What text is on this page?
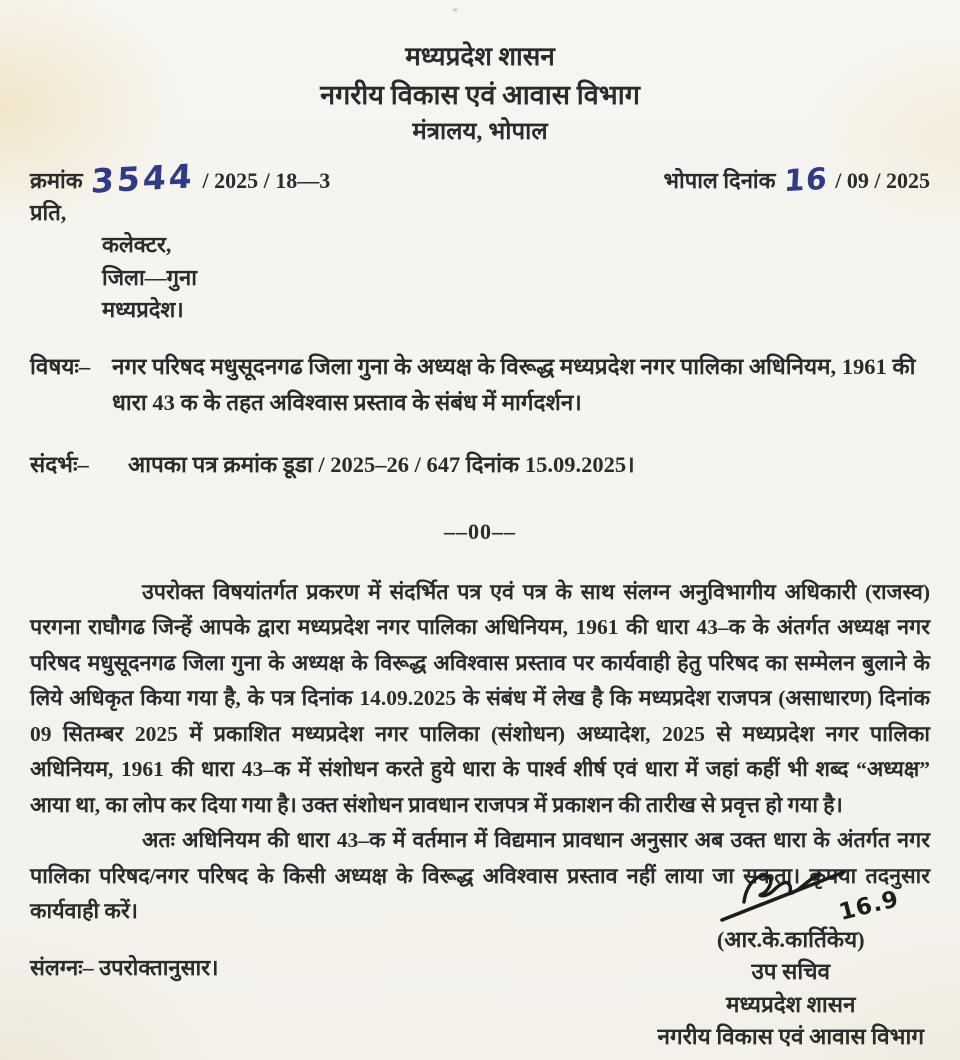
*
मध्यप्रदेश शासन
नगरीय विकास एवं आवास विभाग
मंत्रालय, भोपाल
क्रमांक 3544 / 2025 / 18—3	भोपाल दिनांक 16 / 09 / 2025
प्रति,
कलेक्टर,
जिला—गुना
मध्यप्रदेश।
विषयः– नगर परिषद मधुसूदनगढ जिला गुना के अध्यक्ष के विरूद्ध मध्यप्रदेश नगर पालिका अधिनियम, 1961 की धारा 43 क के तहत अविश्वास प्रस्ताव के संबंध में मार्गदर्शन।
संदर्भः–	आपका पत्र क्रमांक डूडा / 2025–26 / 647 दिनांक 15.09.2025।
––00––

उपरोक्त विषयांतर्गत प्रकरण में संदर्भित पत्र एवं पत्र के साथ संलग्न अनुविभागीय अधिकारी (राजस्व) परगना राघौगढ जिन्हें आपके द्वारा मध्यप्रदेश नगर पालिका अधिनियम, 1961 की धारा 43–क के अंतर्गत अध्यक्ष नगर परिषद मधुसूदनगढ जिला गुना के अध्यक्ष के विरूद्ध अविश्वास प्रस्ताव पर कार्यवाही हेतु परिषद का सम्मेलन बुलाने के लिये अधिकृत किया गया है, के पत्र दिनांक 14.09.2025 के संबंध में लेख है कि मध्यप्रदेश राजपत्र (असाधारण) दिनांक 09 सितम्बर 2025 में प्रकाशित मध्यप्रदेश नगर पालिका (संशोधन) अध्यादेश, 2025 से मध्यप्रदेश नगर पालिका अधिनियम, 1961 की धारा 43–क में संशोधन करते हुये धारा के पार्श्व शीर्ष एवं धारा में जहां कहीं भी शब्द “अध्यक्ष” आया था, का लोप कर दिया गया है। उक्त संशोधन प्रावधान राजपत्र में प्रकाशन की तारीख से प्रवृत्त हो गया है।

अतः अधिनियम की धारा 43–क में वर्तमान में विद्यमान प्रावधान अनुसार अब उक्त धारा के अंतर्गत नगर पालिका परिषद/नगर परिषद के किसी अध्यक्ष के विरूद्ध अविश्वास प्रस्ताव नहीं लाया जा सकता। कृपया तदनुसार कार्यवाही करें।

संलग्नः– उपरोक्तानुसार।
16.9
(आर.के.कार्तिकेय)
उप सचिव
मध्यप्रदेश शासन
नगरीय विकास एवं आवास विभाग
